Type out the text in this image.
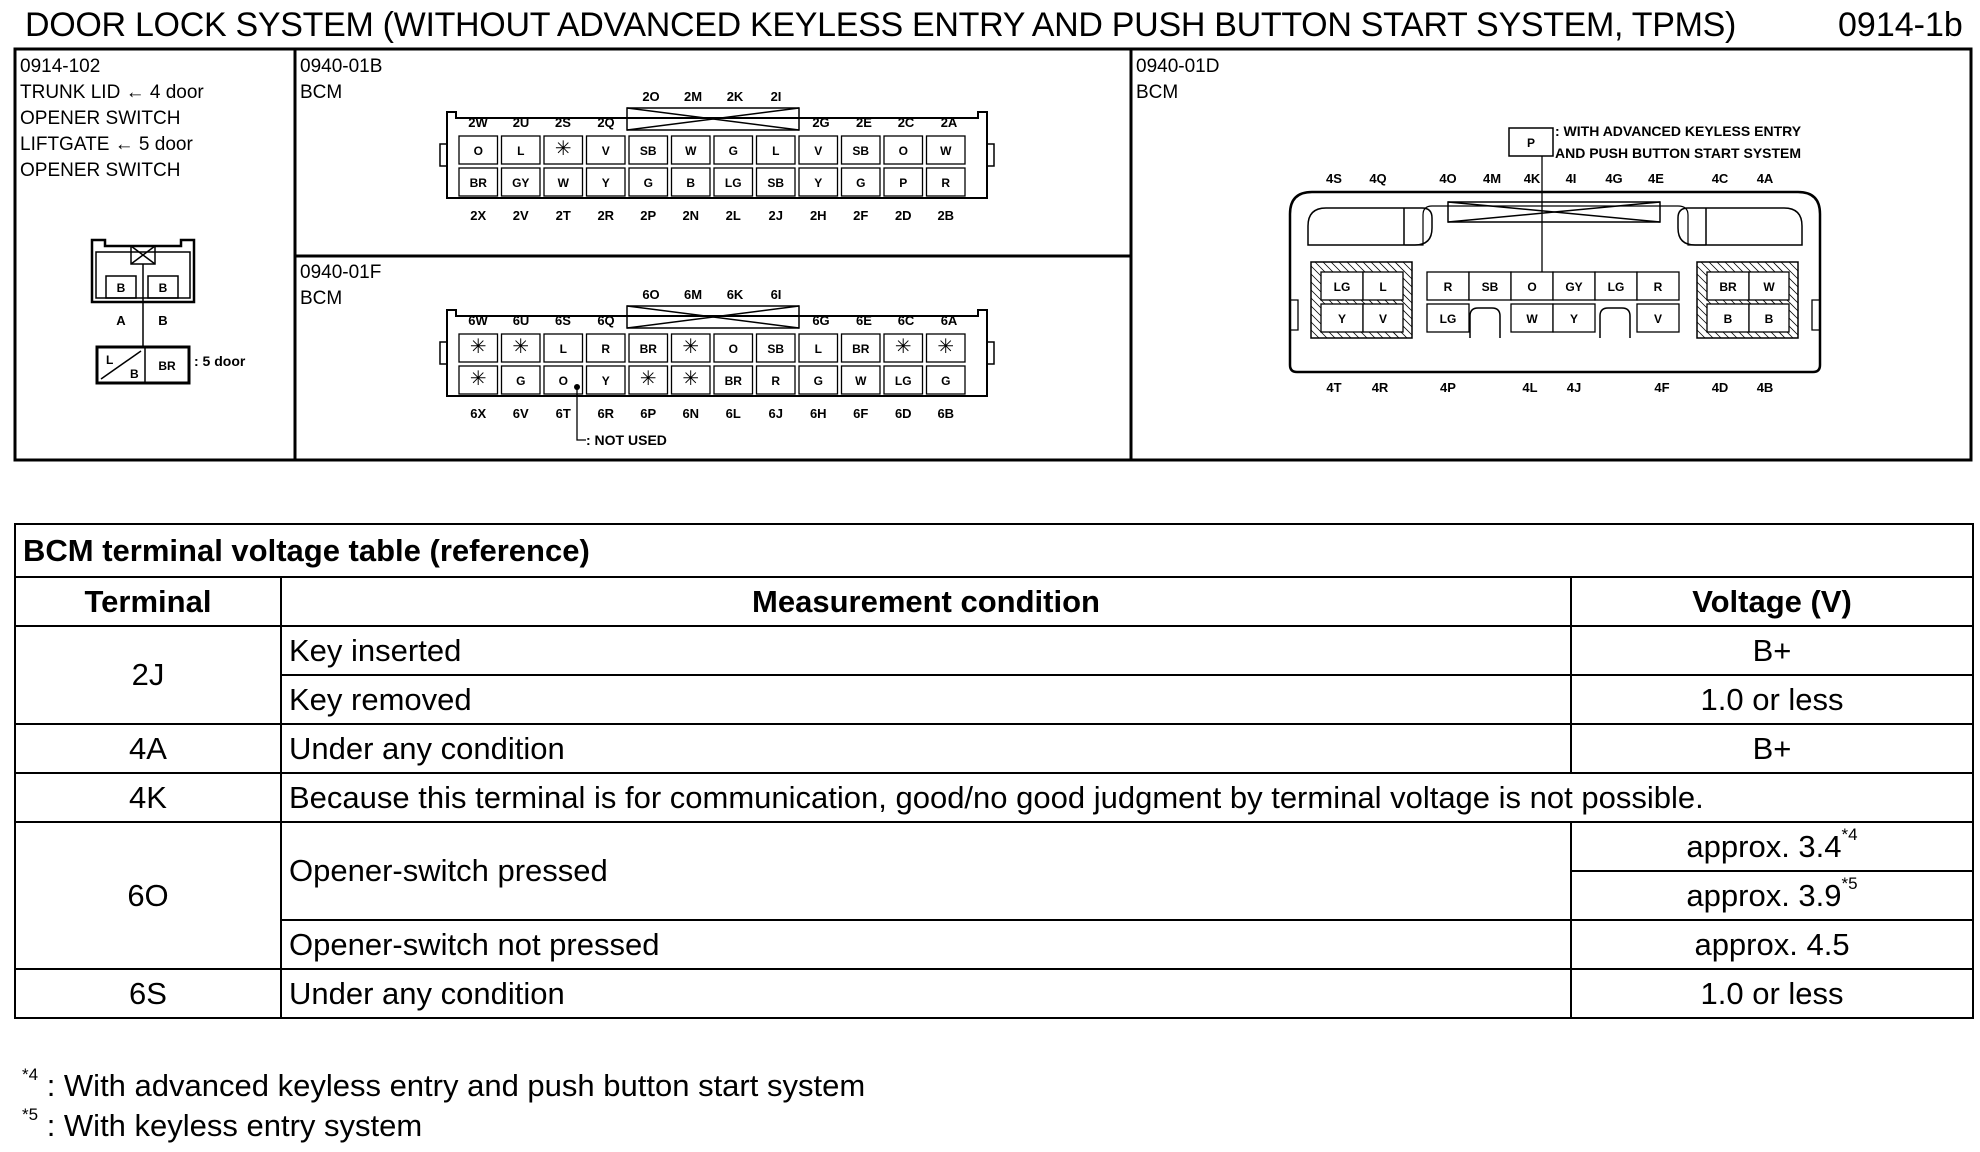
DOOR LOCK SYSTEM (WITHOUT ADVANCED KEYLESS ENTRY AND PUSH BUTTON START SYSTEM, TPMS)	0914-1b
0914-102
TRUNK LID ← 4 door
OPENER SWITCH
LIFTGATE ← 5 door
OPENER SWITCH
B	B
A	B
L
B
BR : 5 door
0940-01B
BCM
O	L ✳	V	SB W	G	L	V	SB O	W
BR GY W	Y	G	B LG SB	Y	G	P	R
2X 2V 2T 2R 2P 2N 2L 2J 2H 2F 2D 2B
2O 2M 2K 2I
2W 2U 2S 2Q	2G 2E 2C 2A
0940-01F
BCM
✳ ✳	L	R BR ✳ O SB	L	BR ✳ ✳
✳ G	O	Y ✳ ✳ BR R	G	W LG G
6X 6V 6T 6R 6P 6N 6L 6J 6H 6F 6D 6B
6O 6M 6K 6I
6W 6U 6S 6Q	6G 6E 6C 6A
: NOT USED
0940-01D
BCM
P
: WITH ADVANCED KEYLESS ENTRY
AND PUSH BUTTON START SYSTEM
LG L
Y	V
BR W
B	B
R SB O GY LG R
LG	W	Y	V
4S 4Q	4O 4M 4K 4I 4G 4E	4C 4A
4T 4R	4P	4L 4J	4F	4D 4B
BCM terminal voltage table (reference)		
Terminal	Measurement condition	Voltage (V)
2J	Key inserted	B+
	Key removed	1.0 or less
4A	Under any condition	B+
4K	Because this terminal is for communication, good/no good judgment by terminal voltage is not possible.	
6O	Opener-switch pressed	approx. 3.4$^{*4}$
		approx. 3.9$^{*5}$
	Opener-switch not pressed	approx. 4.5
6S	Under any condition	1.0 or less
$^{*4}$ : With advanced keyless entry and push button start system
$^{*5}$ : With keyless entry system
